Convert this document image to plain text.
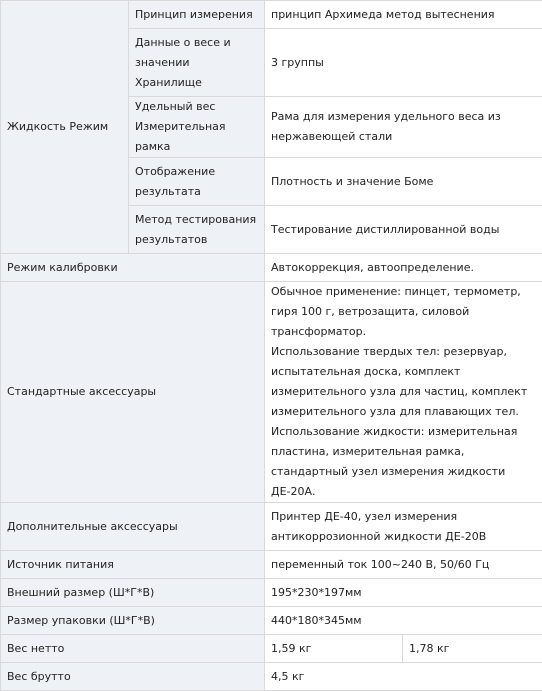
Жидкость Режим	Принцип измерения	принцип Архимеда метод вытеснения	
	Данные о весе и значении Хранилище	3 группы	
	Удельный вес Измерительная рамка	Рама для измерения удельного веса из нержавеющей стали	
	Отображение результата	Плотность и значение Боме	
	Метод тестирования результатов	Тестирование дистиллированной воды	
Режим калибровки		Автокоррекция, автоопределение.	
Стандартные аксессуары		Обычное применение: пинцет, термометр, гиря 100 г, ветрозащита, силовой трансформатор.
Использование твердых тел: резервуар, испытательная доска, комплект измерительного узла для частиц, комплект измерительного узла для плавающих тел.
Использование жидкости: измерительная пластина, измерительная рамка, стандартный узел измерения жидкости ДЕ-20А.	

Дополнительные аксессуары		Принтер ДЕ-40, узел измерения антикоррозионной жидкости ДЕ-20В	
Источник питания		переменный ток 100~240 В, 50/60 Гц	
Внешний размер (Ш*Г*В)		195*230*197мм	
Размер упаковки (Ш*Г*В)		440*180*345мм	
Вес нетто		1,59 кг	1,78 кг
Вес брутто		4,5 кг	
